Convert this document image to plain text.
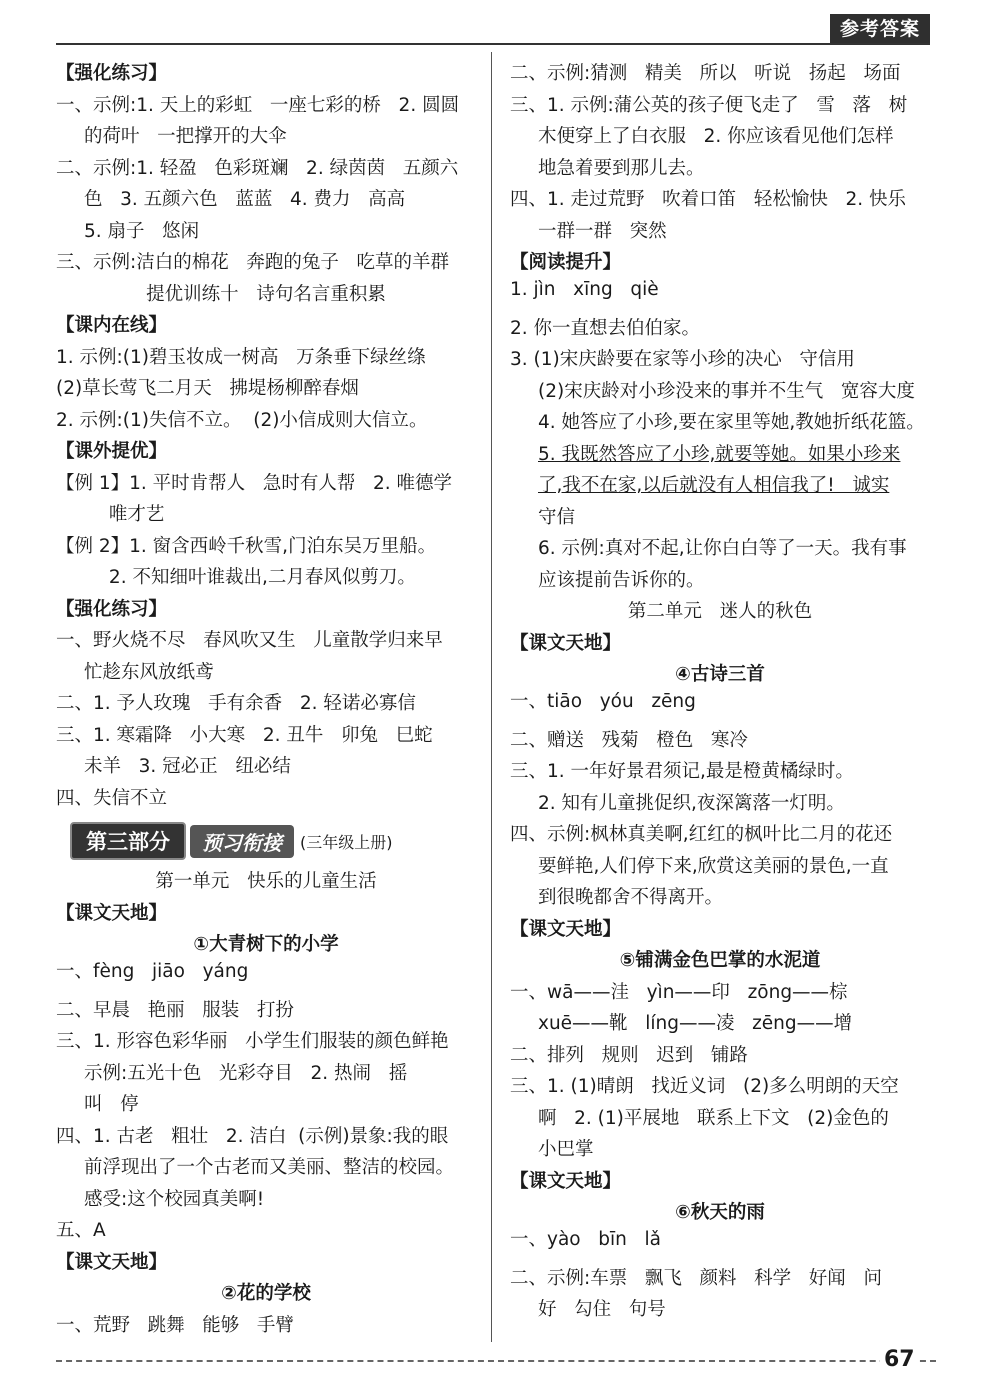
参考答案
【强化练习】
一、示例:1. 天上的彩虹   一座七彩的桥   2. 圆圆
的荷叶   一把撑开的大伞
二、示例:1. 轻盈   色彩斑斓   2. 绿茵茵   五颜六
色   3. 五颜六色   蓝蓝   4. 费力   高高
5. 扇子   悠闲
三、示例:洁白的棉花   奔跑的兔子   吃草的羊群
提优训练十   诗句名言重积累
【课内在线】
1. 示例:(1)碧玉妆成一树高   万条垂下绿丝绦
(2)草长莺飞二月天   拂堤杨柳醉春烟
2. 示例:(1)失信不立。  (2)小信成则大信立。
【课外提优】
【例 1】1. 平时肯帮人   急时有人帮   2. 唯德学
唯才艺
【例 2】1. 窗含西岭千秋雪,门泊东吴万里船。
2. 不知细叶谁裁出,二月春风似剪刀。
【强化练习】
一、野火烧不尽   春风吹又生   儿童散学归来早
忙趁东风放纸鸢
二、1. 予人玫瑰   手有余香   2. 轻诺必寡信
三、1. 寒霜降   小大寒   2. 丑牛   卯兔   巳蛇
未羊   3. 冠必正   纽必结
四、失信不立
第三部分	预习衔接	(三年级上册)
第一单元   快乐的儿童生活
【课文天地】
①大青树下的小学
一、fèng   jiāo   yáng
二、早晨   艳丽   服装   打扮
三、1. 形容色彩华丽   小学生们服装的颜色鲜艳
示例:五光十色   光彩夺目   2. 热闹   摇
叫   停
四、1. 古老   粗壮   2. 洁白  (示例)景象:我的眼
前浮现出了一个古老而又美丽、整洁的校园。
感受:这个校园真美啊!
五、A
【课文天地】
②花的学校
一、荒野   跳舞   能够   手臂
二、示例:猜测   精美   所以   听说   扬起   场面
三、1. 示例:蒲公英的孩子便飞走了   雪   落   树
木便穿上了白衣服   2. 你应该看见他们怎样
地急着要到那儿去。
四、1. 走过荒野   吹着口笛   轻松愉快   2. 快乐
一群一群   突然
【阅读提升】
1. jìn   xīng   qiè
2. 你一直想去伯伯家。
3. (1)宋庆龄要在家等小珍的决心   守信用
(2)宋庆龄对小珍没来的事并不生气   宽容大度
4. 她答应了小珍,要在家里等她,教她折纸花篮。
5. 我既然答应了小珍,就要等她。如果小珍来
了,我不在家,以后就没有人相信我了!   诚实
守信
6. 示例:真对不起,让你白白等了一天。我有事
应该提前告诉你的。
第二单元   迷人的秋色
【课文天地】
④古诗三首
一、tiāo   yóu   zēng
二、赠送   残菊   橙色   寒冷
三、1. 一年好景君须记,最是橙黄橘绿时。
2. 知有儿童挑促织,夜深篱落一灯明。
四、示例:枫林真美啊,红红的枫叶比二月的花还
要鲜艳,人们停下来,欣赏这美丽的景色,一直
到很晚都舍不得离开。
【课文天地】
⑤铺满金色巴掌的水泥道
一、wā——洼   yìn——印   zōng——棕
xuē——靴   líng——凌   zēng——增
二、排列   规则   迟到   铺路
三、1. (1)晴朗   找近义词   (2)多么明朗的天空
啊   2. (1)平展地   联系上下文   (2)金色的
小巴掌
【课文天地】
⑥秋天的雨
一、yào   bīn   lǎ
二、示例:车票   飘飞   颜料   科学   好闻   问
好   勾住   句号
67
